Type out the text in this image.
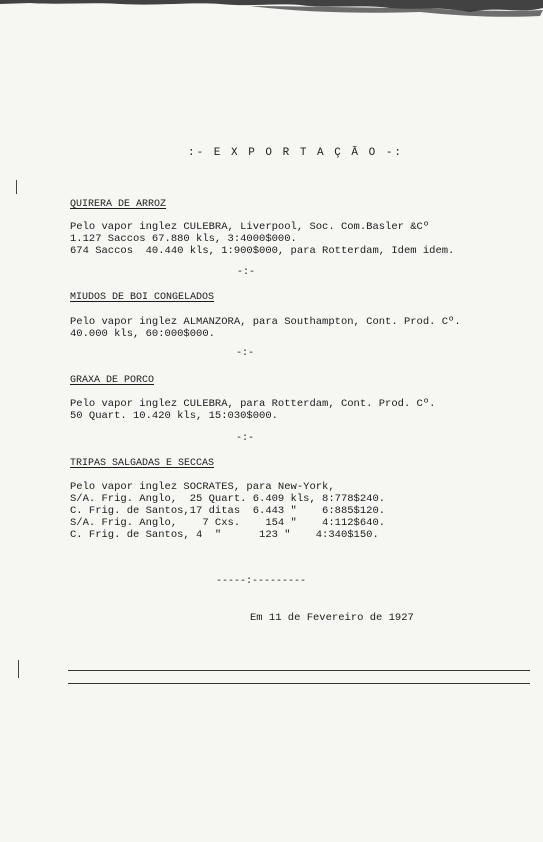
:- E X P O R T A Ç Ã O -:
QUIRERA DE ARROZ
Pelo vapor inglez CULEBRA, Liverpool, Soc. Com.Basler &Cº
1.127 Saccos 67.880 kls, 3:4000$000.
674 Saccos  40.440 kls, 1:900$000, para Rotterdam, Idem idem.
-:-
MIUDOS DE BOI CONGELADOS
Pelo vapor inglez ALMANZORA, para Southampton, Cont. Prod. Cº.
40.000 kls, 60:000$000.
-:-
GRAXA DE PORCO
Pelo vapor inglez CULEBRA, para Rotterdam, Cont. Prod. Cº.
50 Quart. 10.420 kls, 15:030$000.
-:-
TRIPAS SALGADAS E SECCAS
Pelo vapor inglez SOCRATES, para New-York,
S/A. Frig. Anglo,  25 Quart. 6.409 kls, 8:778$240.
C. Frig. de Santos,17 ditas  6.443 "    6:885$120.
S/A. Frig. Anglo,    7 Cxs.    154 "    4:112$640.
C. Frig. de Santos, 4  "      123 "    4:340$150.
-----:---------
Em 11 de Fevereiro de 1927
